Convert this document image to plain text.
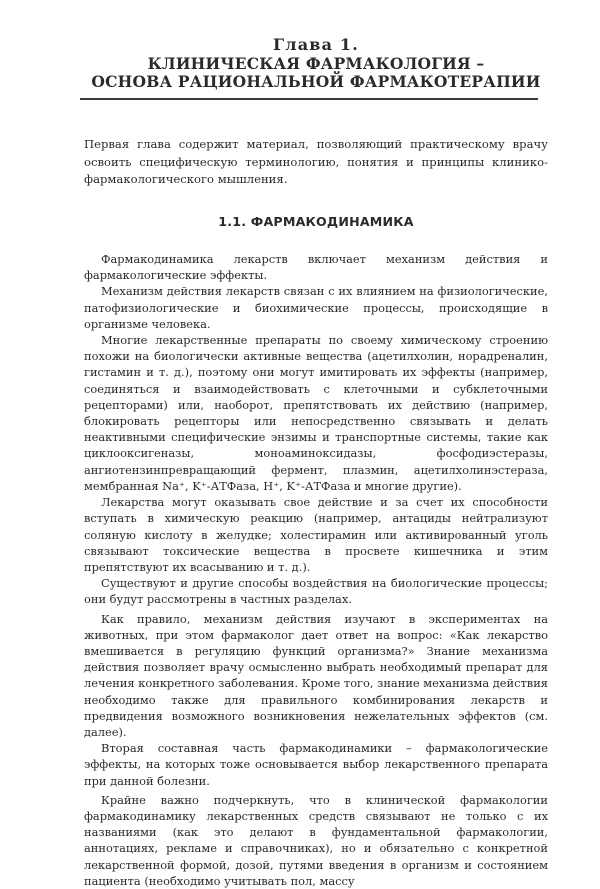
Глава 1.
КЛИНИЧЕСКАЯ ФАРМАКОЛОГИЯ –
ОСНОВА РАЦИОНАЛЬНОЙ ФАРМАКОТЕРАПИИ
Первая глава содержит материал, позволяющий практическому врачу освоить специфическую терминологию, понятия и принципы клинико-фармакологического мышления.
1.1. ФАРМАКОДИНАМИКА

Фармакодинамика лекарств включает механизм действия и фармакологические эффекты.

Механизм действия лекарств связан с их влиянием на физиологические, патофизиологические и биохимические процессы, происходящие в организме человека.

Многие лекарственные препараты по своему химическому строению похожи на биологически активные вещества (ацетилхолин, норадреналин, гистамин и т. д.), поэтому они могут имитировать их эффекты (например, соединяться и взаимодействовать с клеточными и субклеточными рецепторами) или, наоборот, препятствовать их действию (например, блокировать рецепторы или непосредственно связывать и делать неактивными специфические энзимы и транспортные системы, такие как циклооксигеназы, моноаминоксидазы, фосфодиэстеразы, ангиотензинпревращающий фермент, плазмин, ацетилхолинэстераза, мембранная Na⁺, K⁺-АТФаза, H⁺, K⁺-АТФаза и многие другие).

Лекарства могут оказывать свое действие и за счет их способности вступать в химическую реакцию (например, антациды нейтрализуют соляную кислоту в желудке; холестирамин или активированный уголь связывают токсические вещества в просвете кишечника и этим препятствуют их всасыванию и т. д.).

Существуют и другие способы воздействия на биологические процессы; они будут рассмотрены в частных разделах.

Как правило, механизм действия изучают в экспериментах на животных, при этом фармаколог дает ответ на вопрос: «Как лекарство вмешивается в регуляцию функций организма?» Знание механизма действия позволяет врачу осмысленно выбрать необходимый препарат для лечения конкретного заболевания. Кроме того, знание механизма действия необходимо также для правильного комбинирования лекарств и предвидения возможного возникновения нежелательных эффектов (см. далее).

Вторая составная часть фармакодинамики – фармакологические эффекты, на которых тоже основывается выбор лекарственного препарата при данной болезни.

Крайне важно подчеркнуть, что в клинической фармакологии фармакодинамику лекарственных средств связывают не только с их названиями (как это делают в фундаментальной фармакологии, аннотациях, рекламе и справочниках), но и обязательно с конкретной лекарственной формой, дозой, путями введения в организм и состоянием пациента (необходимо учитывать пол, массу
